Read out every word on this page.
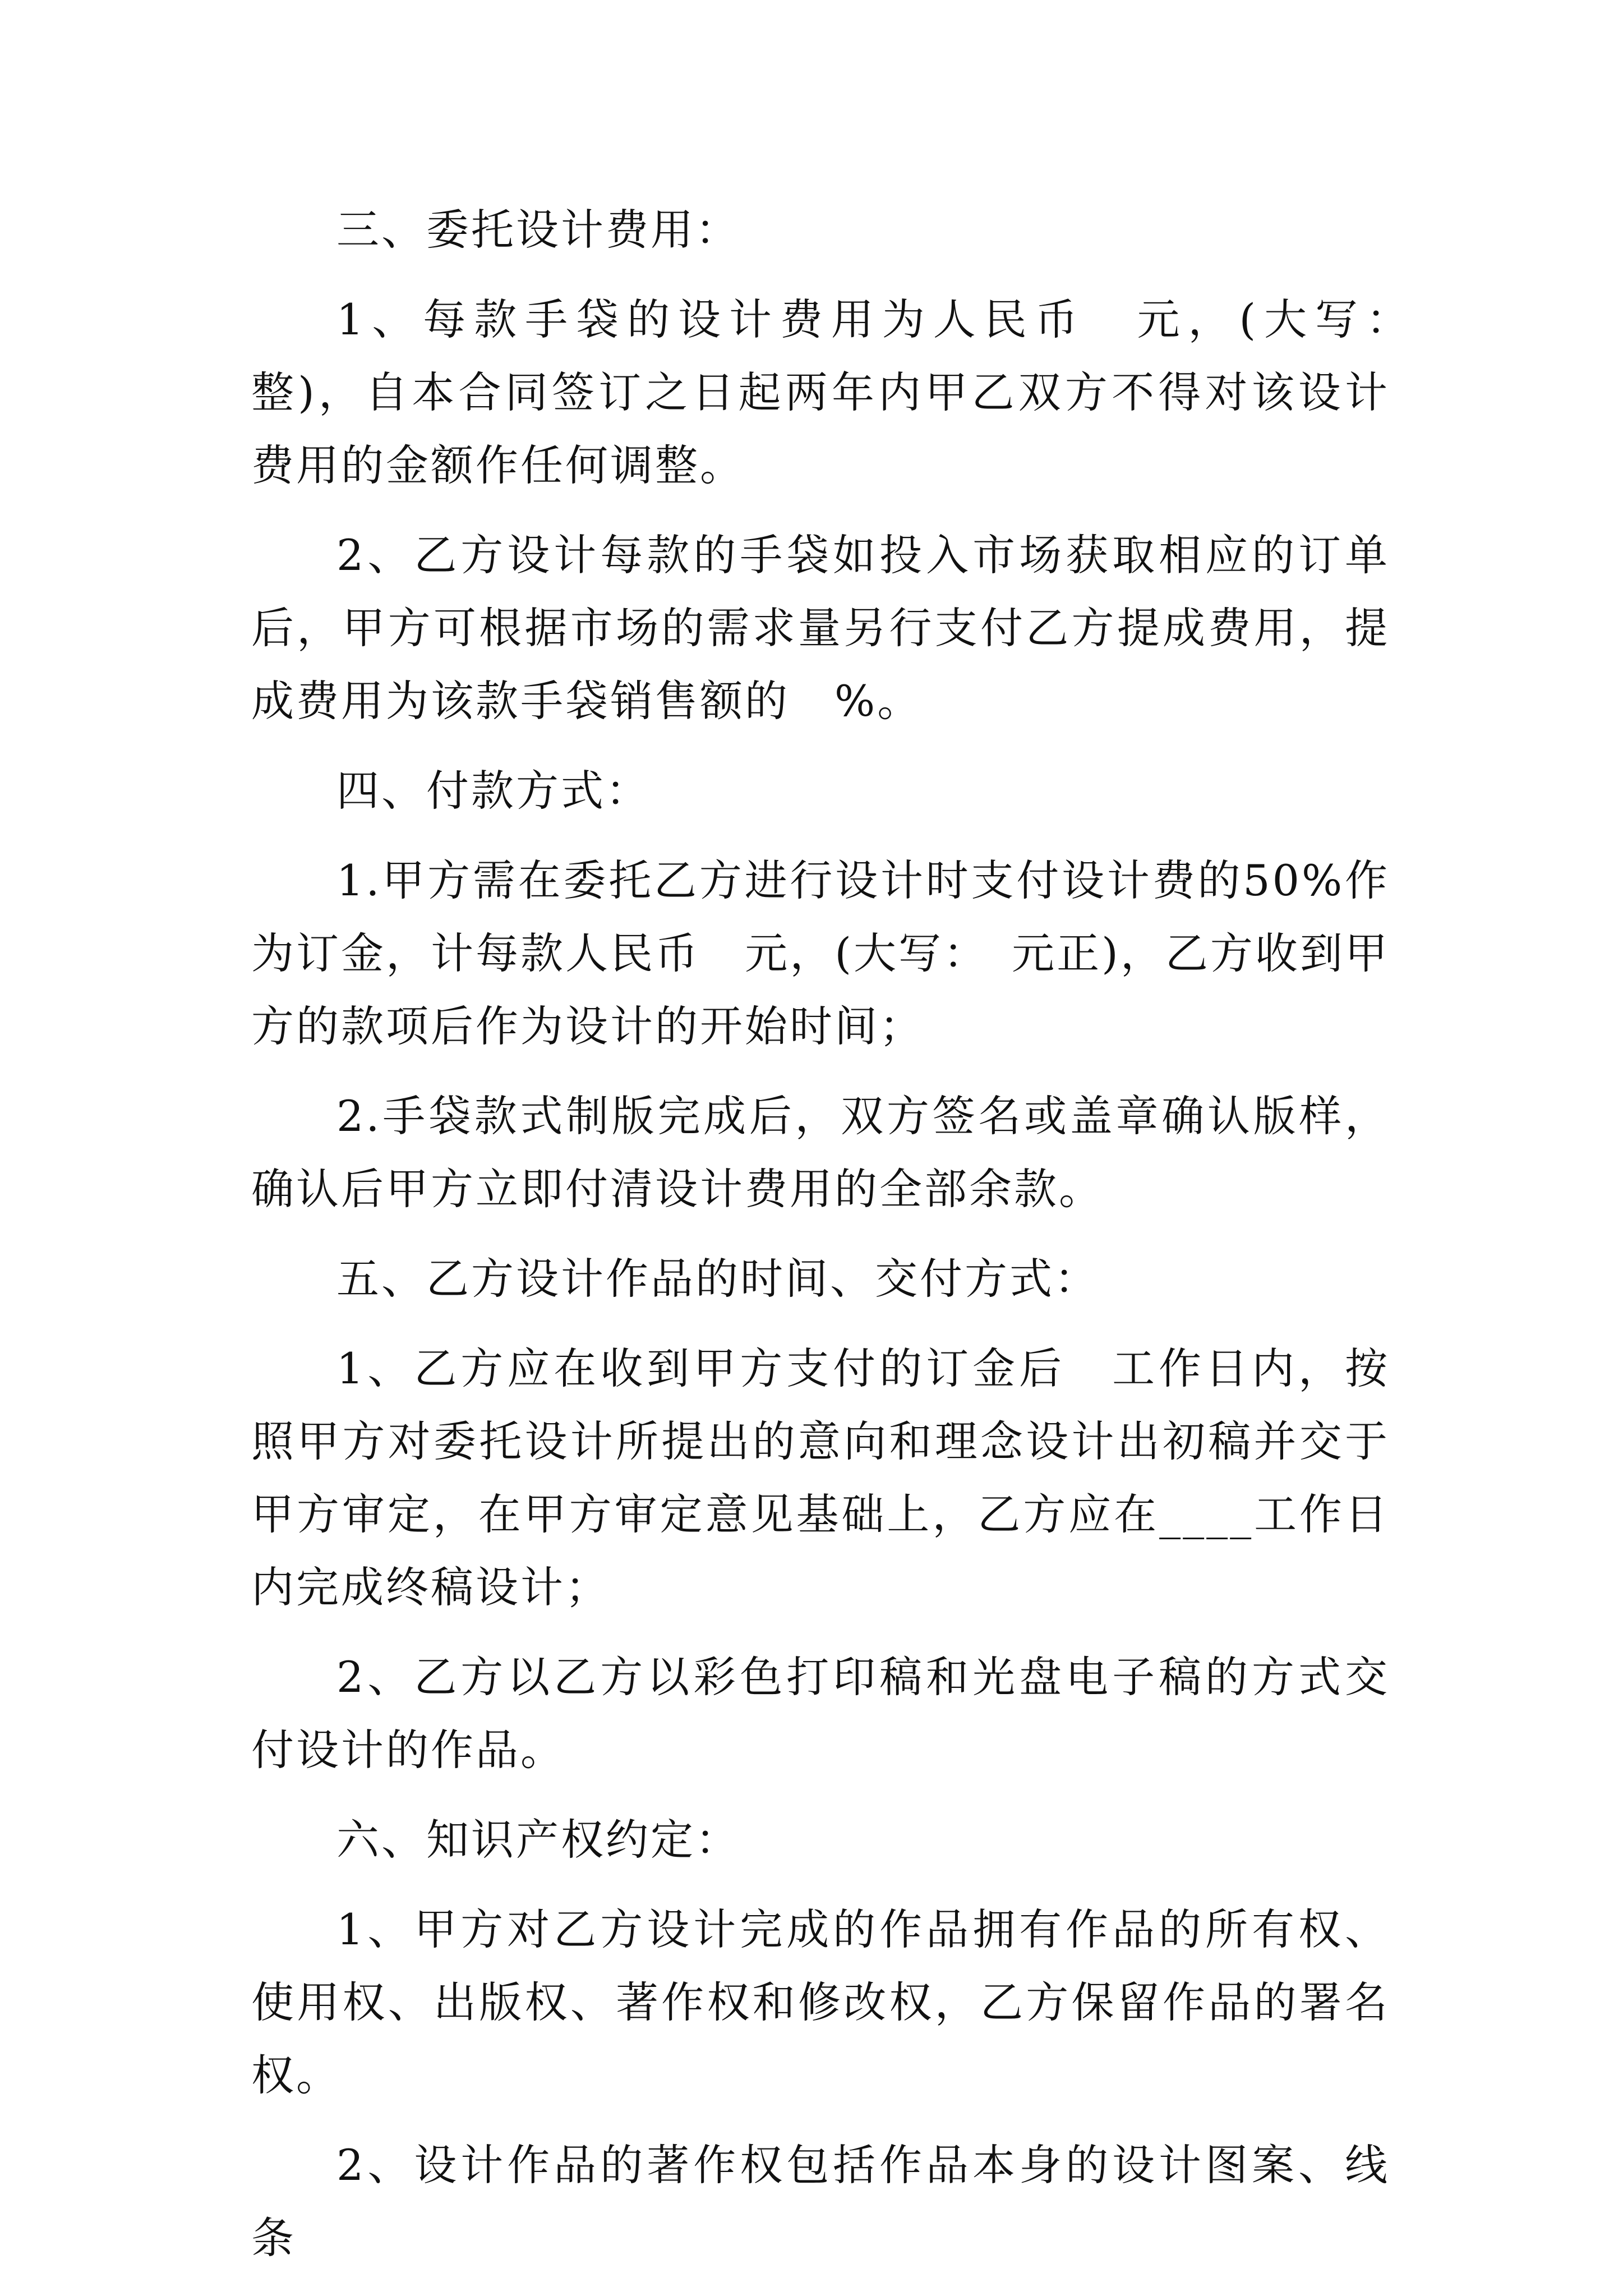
三、委托设计费用：

1、每款手袋的设计费用为人民币　元，(大写：　整)，自本合同签订之日起两年内甲乙双方不得对该设计费用的金额作任何调整。

2、乙方设计每款的手袋如投入市场获取相应的订单后，甲方可根据市场的需求量另行支付乙方提成费用，提成费用为该款手袋销售额的　%。

四、付款方式：

1.甲方需在委托乙方进行设计时支付设计费的50%作为订金，计每款人民币　元，(大写：　元正)，乙方收到甲方的款项后作为设计的开始时间；

2.手袋款式制版完成后，双方签名或盖章确认版样，确认后甲方立即付清设计费用的全部余款。

五、乙方设计作品的时间、交付方式：

1、乙方应在收到甲方支付的订金后　工作日内，按照甲方对委托设计所提出的意向和理念设计出初稿并交于甲方审定，在甲方审定意见基础上，乙方应在____工作日内完成终稿设计；

2、乙方以乙方以彩色打印稿和光盘电子稿的方式交付设计的作品。

六、知识产权约定：

1、甲方对乙方设计完成的作品拥有作品的所有权、使用权、出版权、著作权和修改权，乙方保留作品的署名权。

2、设计作品的著作权包括作品本身的设计图案、线条
